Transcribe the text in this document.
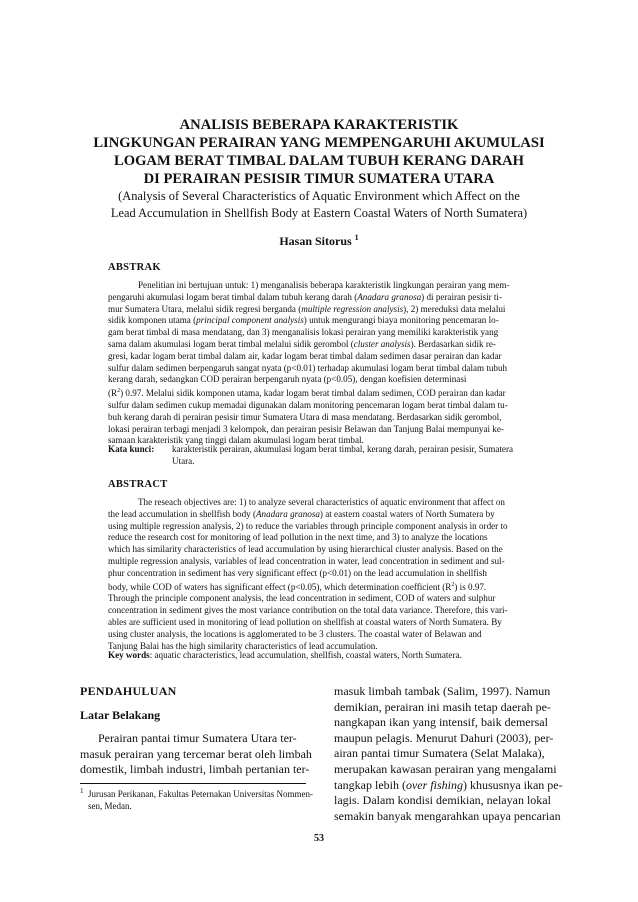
ANALISIS BEBERAPA KARAKTERISTIK
LINGKUNGAN PERAIRAN YANG MEMPENGARUHI AKUMULASI
LOGAM BERAT TIMBAL DALAM TUBUH KERANG DARAH
DI PERAIRAN PESISIR TIMUR SUMATERA UTARA
(Analysis of Several Characteristics of Aquatic Environment which Affect on the
Lead Accumulation in Shellfish Body at Eastern Coastal Waters of North Sumatera)
Hasan Sitorus $^1$
ABSTRAK
Penelitian ini bertujuan untuk: 1) menganalisis beberapa karakteristik lingkungan perairan yang mem-
pengaruhi akumulasi logam berat timbal dalam tubuh kerang darah (Anadara granosa) di perairan pesisir ti-
mur Sumatera Utara, melalui sidik regresi berganda (multiple regression analysis), 2) mereduksi data melalui
sidik komponen utama (principal component analysis) untuk mengurangi biaya monitoring pencemaran lo-
gam berat timbal di masa mendatang, dan 3) menganalisis lokasi perairan yang memiliki karakteristik yang
sama dalam akumulasi logam berat timbal melalui sidik gerombol (cluster analysis). Berdasarkan sidik re-
gresi, kadar logam berat timbal dalam air, kadar logam berat timbal dalam sedimen dasar perairan dan kadar
sulfur dalam sedimen berpengaruh sangat nyata (p<0.01) terhadap akumulasi logam berat timbal dalam tubuh
kerang darah, sedangkan COD perairan berpengaruh nyata (p<0.05), dengan koefisien determinasi
$(R^2)$ 0.97. Melalui sidik komponen utama, kadar logam berat timbal dalam sedimen, COD perairan dan kadar
sulfur dalam sedimen cukup memadai digunakan dalam monitoring pencemaran logam berat timbal dalam tu-
buh kerang darah di perairan pesisir timur Sumatera Utara di masa mendatang. Berdasarkan sidik gerombol,
lokasi perairan terbagi menjadi 3 kelompok, dan perairan pesisir Belawan dan Tanjung Balai mempunyai ke-
samaan karakteristik yang tinggi dalam akumulasi logam berat timbal.
Kata kunci: karakteristik perairan, akumulasi logam berat timbal, kerang darah, perairan pesisir, Sumatera
Utara.
ABSTRACT
The reseach objectives are: 1) to analyze several characteristics of aquatic environment that affect on
the lead accumulation in shellfish body (Anadara granosa) at eastern coastal waters of North Sumatera by
using multiple regression analysis, 2) to reduce the variables through principle component analysis in order to
reduce the research cost for monitoring of lead pollution in the next time, and 3) to analyze the locations
which has similarity characteristics of lead accumulation by using hierarchical cluster analysis. Based on the
multiple regression analysis, variables of lead concentration in water, lead concentration in sediment and sul-
phur concentration in sediment has very significant effect (p<0.01) on the lead accumulation in shellfish
body, while COD of waters has significant effect (p<0.05), which determination coefficient $(R^2)$ is 0.97.
Through the principle component analysis, the lead concentration in sediment, COD of waters and sulphur
concentration in sediment gives the most variance contribution on the total data variance. Therefore, this vari-
ables are sufficient used in monitoring of lead pollution on shellfish at coastal waters of North Sumatera. By
using cluster analysis, the locations is agglomerated to be 3 clusters. The coastal water of Belawan and
Tanjung Balai has the high similarity characteristics of lead accumulation.
Key words: aquatic characteristics, lead accumulation, shellfish, coastal waters, North Sumatera.
PENDAHULUAN
Latar Belakang
Perairan pantai timur Sumatera Utara ter-
masuk perairan yang tercemar berat oleh limbah
domestik, limbah industri, limbah pertanian ter-
masuk limbah tambak (Salim, 1997). Namun
demikian, perairan ini masih tetap daerah pe-
nangkapan ikan yang intensif, baik demersal
maupun pelagis. Menurut Dahuri (2003), per-
airan pantai timur Sumatera (Selat Malaka),
merupakan kawasan perairan yang mengalami
tangkap lebih (over fishing) khususnya ikan pe-
lagis. Dalam kondisi demikian, nelayan lokal
semakin banyak mengarahkan upaya pencarian
1 Jurusan Perikanan, Fakultas Peternakan Universitas Nommen-
sen, Medan.
53
